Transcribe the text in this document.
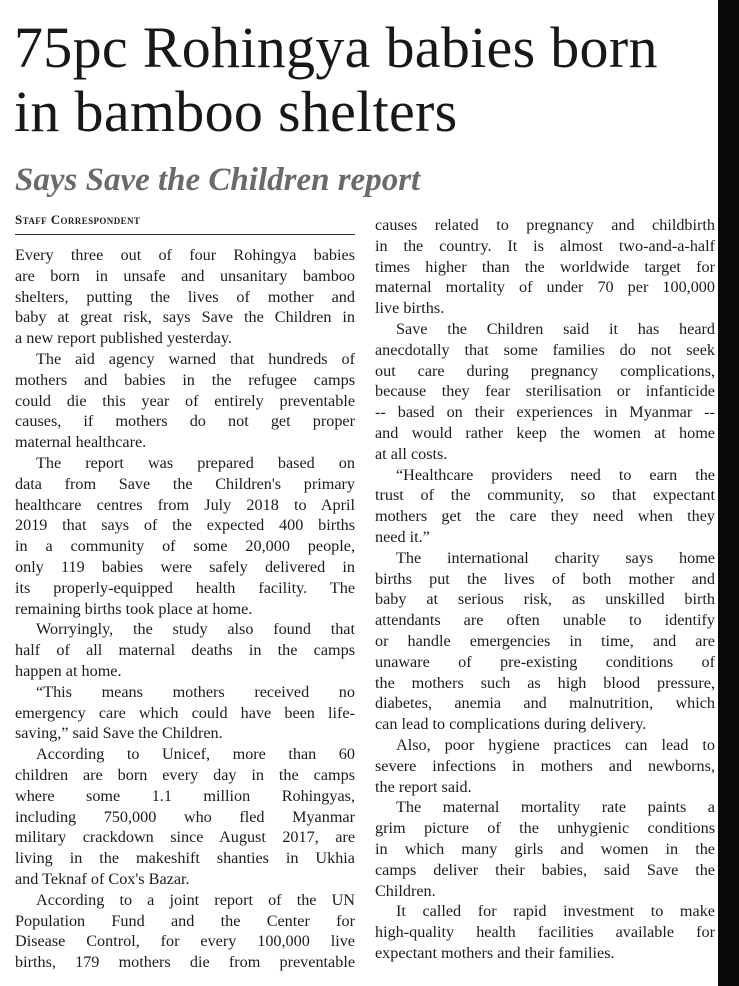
75pc Rohingya babies born in bamboo shelters
Says Save the Children report
Staff Correspondent
Every three out of four Rohingya babies
are born in unsafe and unsanitary bamboo
shelters, putting the lives of mother and
baby at great risk, says Save the Children in
a new report published yesterday.
The aid agency warned that hundreds of
mothers and babies in the refugee camps
could die this year of entirely preventable
causes, if mothers do not get proper
maternal healthcare.
The report was prepared based on
data from Save the Children's primary
healthcare centres from July 2018 to April
2019 that says of the expected 400 births
in a community of some 20,000 people,
only 119 babies were safely delivered in
its properly-equipped health facility. The
remaining births took place at home.
Worryingly, the study also found that
half of all maternal deaths in the camps
happen at home.
“This means mothers received no
emergency care which could have been life-
saving,” said Save the Children.
According to Unicef, more than 60
children are born every day in the camps
where some 1.1 million Rohingyas,
including 750,000 who fled Myanmar
military crackdown since August 2017, are
living in the makeshift shanties in Ukhia
and Teknaf of Cox's Bazar.
According to a joint report of the UN
Population Fund and the Center for
Disease Control, for every 100,000 live
births, 179 mothers die from preventable
causes related to pregnancy and childbirth
in the country. It is almost two-and-a-half
times higher than the worldwide target for
maternal mortality of under 70 per 100,000
live births.
Save the Children said it has heard
anecdotally that some families do not seek
out care during pregnancy complications,
because they fear sterilisation or infanticide
-- based on their experiences in Myanmar --
and would rather keep the women at home
at all costs.
“Healthcare providers need to earn the
trust of the community, so that expectant
mothers get the care they need when they
need it.”
The international charity says home
births put the lives of both mother and
baby at serious risk, as unskilled birth
attendants are often unable to identify
or handle emergencies in time, and are
unaware of pre-existing conditions of
the mothers such as high blood pressure,
diabetes, anemia and malnutrition, which
can lead to complications during delivery.
Also, poor hygiene practices can lead to
severe infections in mothers and newborns,
the report said.
The maternal mortality rate paints a
grim picture of the unhygienic conditions
in which many girls and women in the
camps deliver their babies, said Save the
Children.
It called for rapid investment to make
high-quality health facilities available for
expectant mothers and their families.
